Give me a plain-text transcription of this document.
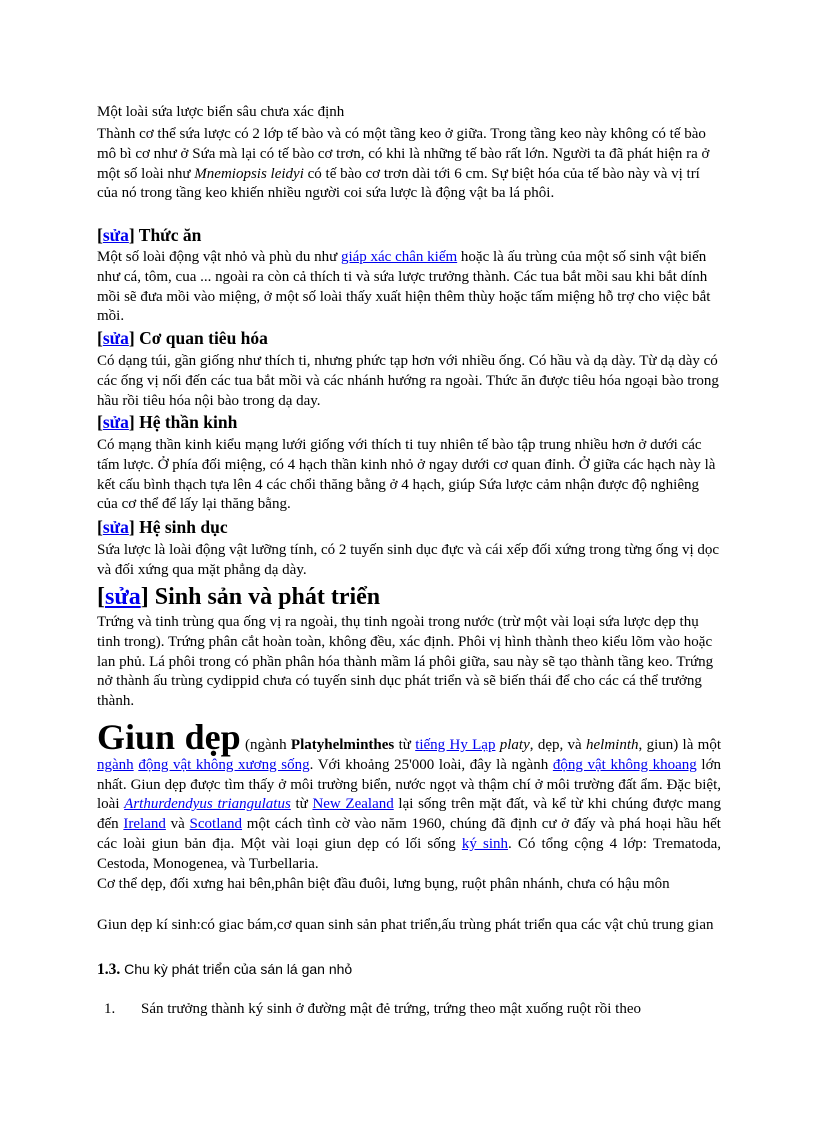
Một loài sứa lược biển sâu chưa xác định
Thành cơ thể sứa lược có 2 lớp tế bào và có một tầng keo ở giữa. Trong tầng keo này không có tế bào mô bì cơ như ở Sứa mà lại có tế bào cơ trơn, có khi là những tế bào rất lớn. Người ta đã phát hiện ra ở một số loài như Mnemiopsis leidyi có tế bào cơ trơn dài tới 6 cm. Sự biệt hóa của tế bào này và vị trí của nó trong tầng keo khiến nhiều người coi sứa lược là động vật ba lá phôi.
[sửa] Thức ăn
Một số loài động vật nhỏ và phù du như giáp xác chân kiếm hoặc là ấu trùng của một số sinh vật biển như cá, tôm, cua ... ngoài ra còn cả thích ti và sứa lược trưởng thành. Các tua bắt mồi sau khi bắt dính mồi sẽ đưa mồi vào miệng, ở một số loài thấy xuất hiện thêm thùy hoặc tấm miệng hỗ trợ cho việc bắt mồi.
[sửa] Cơ quan tiêu hóa
Có dạng túi, gần giống như thích ti, nhưng phức tạp hơn với nhiều ống. Có hầu và dạ dày. Từ dạ dày có các ống vị nối đến các tua bắt mồi và các nhánh hướng ra ngoài. Thức ăn được tiêu hóa ngoại bào trong hầu rồi tiêu hóa nội bào trong dạ day.
[sửa] Hệ thần kinh
Có mạng thần kinh kiểu mạng lưới giống với thích ti tuy nhiên tế bào tập trung nhiều hơn ở dưới các tấm lược. Ở phía đối miệng, có 4 hạch thần kinh nhỏ ở ngay dưới cơ quan đỉnh. Ở giữa các hạch này là kết cấu bình thạch tựa lên 4 các chổi thăng bằng ở 4 hạch, giúp Sứa lược cảm nhận được độ nghiêng của cơ thể để lấy lại thăng bằng.
[sửa] Hệ sinh dục
Sứa lược là loài động vật lưỡng tính, có 2 tuyến sinh dục đực và cái xếp đối xứng trong từng ống vị dọc và đối xứng qua mặt phẳng dạ dày.
[sửa] Sinh sản và phát triển
Trứng và tinh trùng qua ống vị ra ngoài, thụ tinh ngoài trong nước (trừ một vài loại sứa lược dẹp thụ tinh trong). Trứng phân cắt hoàn toàn, không đều, xác định. Phôi vị hình thành theo kiểu lõm vào hoặc lan phủ. Lá phôi trong có phần phân hóa thành mầm lá phôi giữa, sau này sẽ tạo thành tầng keo. Trứng nở thành ấu trùng cydippid chưa có tuyến sinh dục phát triển và sẽ biến thái để cho các cá thể trưởng thành.
Giun dẹp (ngành Platyhelminthes từ tiếng Hy Lạp platy, dẹp, và helminth, giun) là một ngành động vật không xương sống. Với khoảng 25'000 loài, đây là ngành động vật không khoang lớn nhất. Giun dẹp được tìm thấy ở môi trường biển, nước ngọt và thậm chí ở môi trường đất ẩm. Đặc biệt, loài Arthurdendyus triangulatus từ New Zealand lại sống trên mặt đất, và kể từ khi chúng được mang đến Ireland và Scotland một cách tình cờ vào năm 1960, chúng đã định cư ở đấy và phá hoại hầu hết các loài giun bản địa. Một vài loại giun dẹp có lối sống ký sinh. Có tổng cộng 4 lớp: Trematoda, Cestoda, Monogenea, và Turbellaria.
Cơ thể dẹp, đối xưng hai bên,phân biệt đầu đuôi, lưng bụng, ruột phân nhánh, chưa có hậu môn
Giun dẹp kí sinh:có giac bám,cơ quan sinh sản phat triển,ấu trùng phát triển qua các vật chủ trung gian
1.3. Chu kỳ phát triển của sán lá gan nhỏ
1. Sán trưởng thành ký sinh ở đường mật đẻ trứng, trứng theo mật xuống ruột rồi theo
